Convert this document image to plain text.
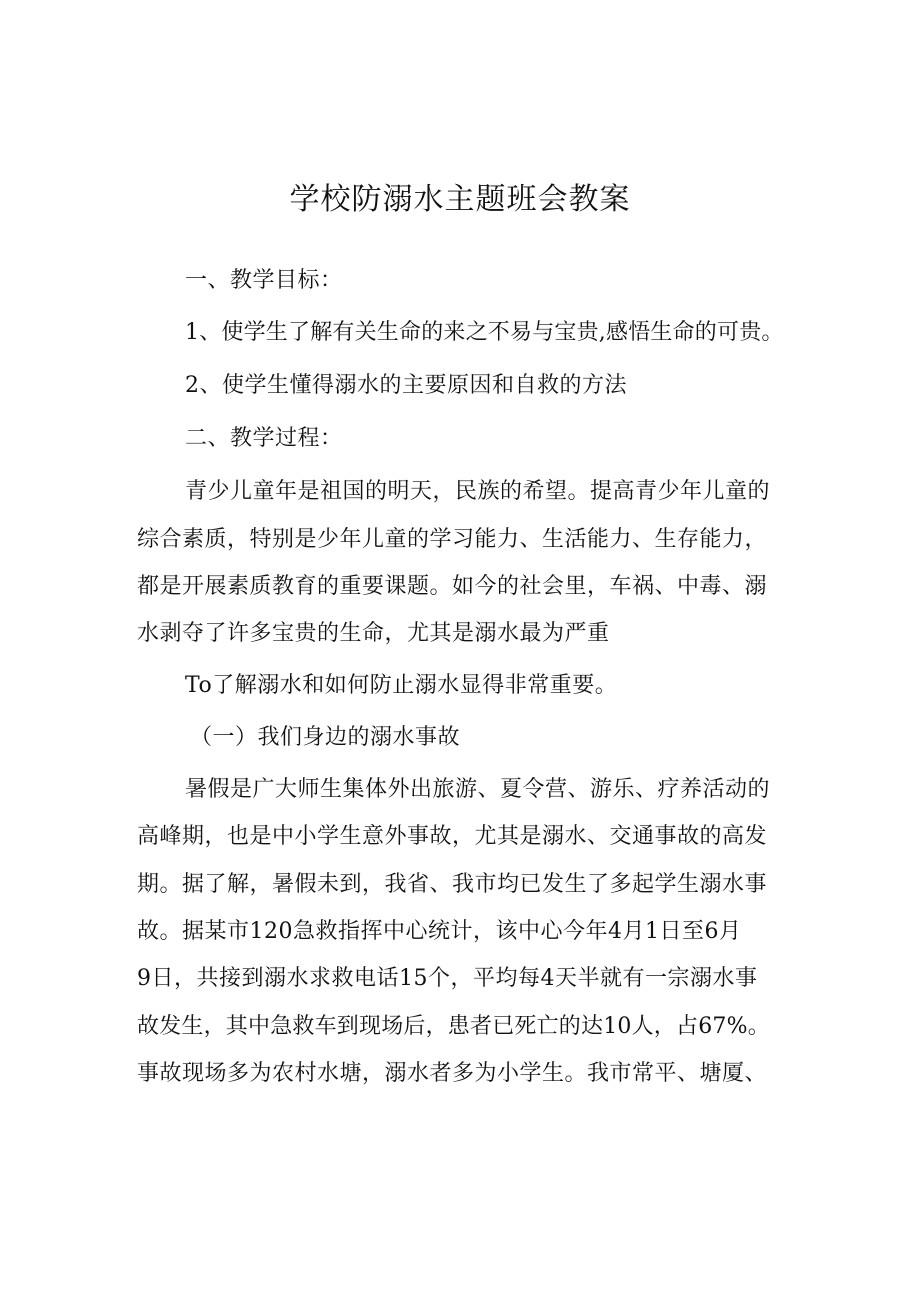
学校防溺水主题班会教案
一、教学目标：
1、使学生了解有关生命的来之不易与宝贵,感悟生命的可贵。
2、使学生懂得溺水的主要原因和自救的方法
二、教学过程：
青少儿童年是祖国的明天，民族的希望。提高青少年儿童的
综合素质，特别是少年儿童的学习能力、生活能力、生存能力，
都是开展素质教育的重要课题。如今的社会里，车祸、中毒、溺
水剥夺了许多宝贵的生命，尤其是溺水最为严重
To了解溺水和如何防止溺水显得非常重要。
（一）我们身边的溺水事故
暑假是广大师生集体外出旅游、夏令营、游乐、疗养活动的
高峰期，也是中小学生意外事故，尤其是溺水、交通事故的高发
期。据了解，暑假未到，我省、我市均已发生了多起学生溺水事
故。据某市120急救指挥中心统计，该中心今年4月1日至6月
9日，共接到溺水求救电话15个，平均每4天半就有一宗溺水事
故发生，其中急救车到现场后，患者已死亡的达10人，占67%。
事故现场多为农村水塘，溺水者多为小学生。我市常平、塘厦、
